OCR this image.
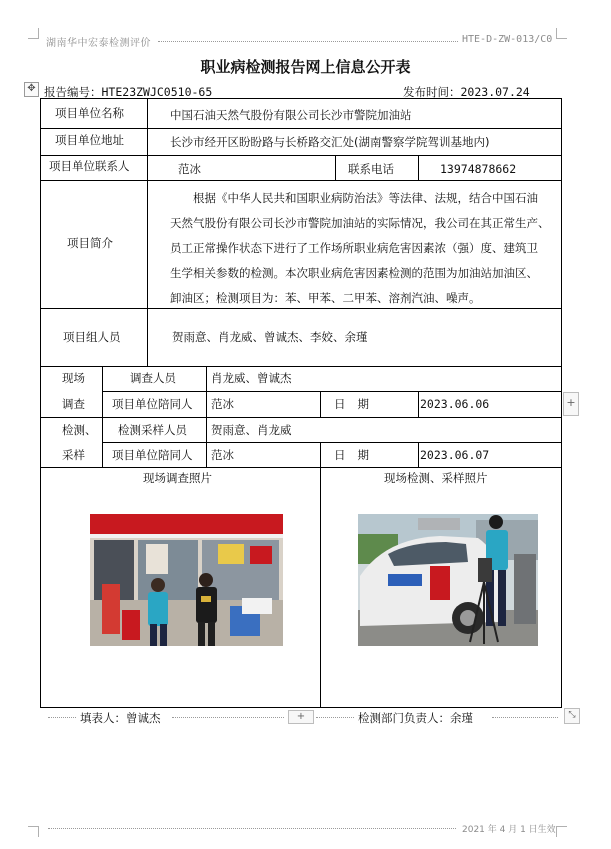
湖南华中宏泰检测评价	HTE-D-ZW-013/C0
职业病检测报告网上信息公开表
✥ 报告编号：HTE23ZWJC0510-65	发布时间：2023.07.24
项目单位名称	中国石油天然气股份有限公司长沙市警院加油站
项目单位地址	长沙市经开区盼盼路与长桥路交汇处(湖南警察学院驾训基地内)
项目单位联系人	范冰	联系电话	13974878662
项目简介
根据《中华人民共和国职业病防治法》等法律、法规，结合中国石油
天然气股份有限公司长沙市警院加油站的实际情况，我公司在其正常生产、
员工正常操作状态下进行了工作场所职业病危害因素浓（强）度、建筑卫
生学相关参数的检测。本次职业病危害因素检测的范围为加油站加油区、
卸油区；检测项目为：苯、甲苯、二甲苯、溶剂汽油、噪声。
项目组人员	贺雨意、肖龙威、曾诚杰、李姣、余瑾
现场
调查
调查人员	肖龙威、曾诚杰
项目单位陪同人 范冰	日 期	2023.06.06
检测、
采样
检测采样人员 贺雨意、肖龙威
项目单位陪同人 范冰	日 期	2023.06.07
现场调查照片	现场检测、采样照片
+
+	⤡
填表人：曾诚杰	检测部门负责人：余瑾
2021 年 4 月 1 日生效
